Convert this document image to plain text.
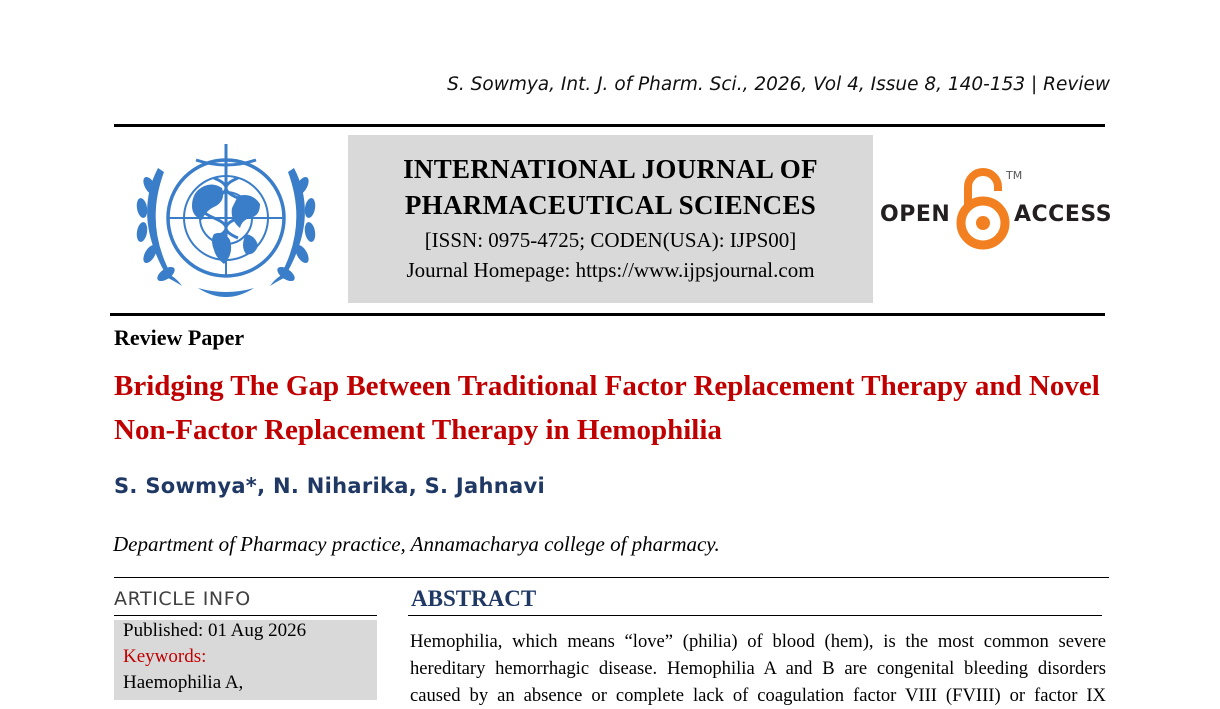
S. Sowmya, Int. J. of Pharm. Sci., 2026, Vol 4, Issue 8, 140-153 | Review
INTERNATIONAL JOURNAL OF
PHARMACEUTICAL SCIENCES
[ISSN: 0975-4725; CODEN(USA): IJPS00]
Journal Homepage: https://www.ijpsjournal.com
OPEN
TM
ACCESS
Review Paper
Bridging The Gap Between Traditional Factor Replacement Therapy and Novel Non-Factor Replacement Therapy in Hemophilia
S. Sowmya*, N. Niharika, S. Jahnavi
Department of Pharmacy practice, Annamacharya college of pharmacy.
ARTICLE INFO
Published: 01 Aug 2026
Keywords:
Haemophilia A,
ABSTRACT
Hemophilia, which means “love” (philia) of blood (hem), is the most common severe
hereditary hemorrhagic disease. Hemophilia A and B are congenital bleeding disorders
caused by an absence or complete lack of coagulation factor VIII (FVIII) or factor IX
